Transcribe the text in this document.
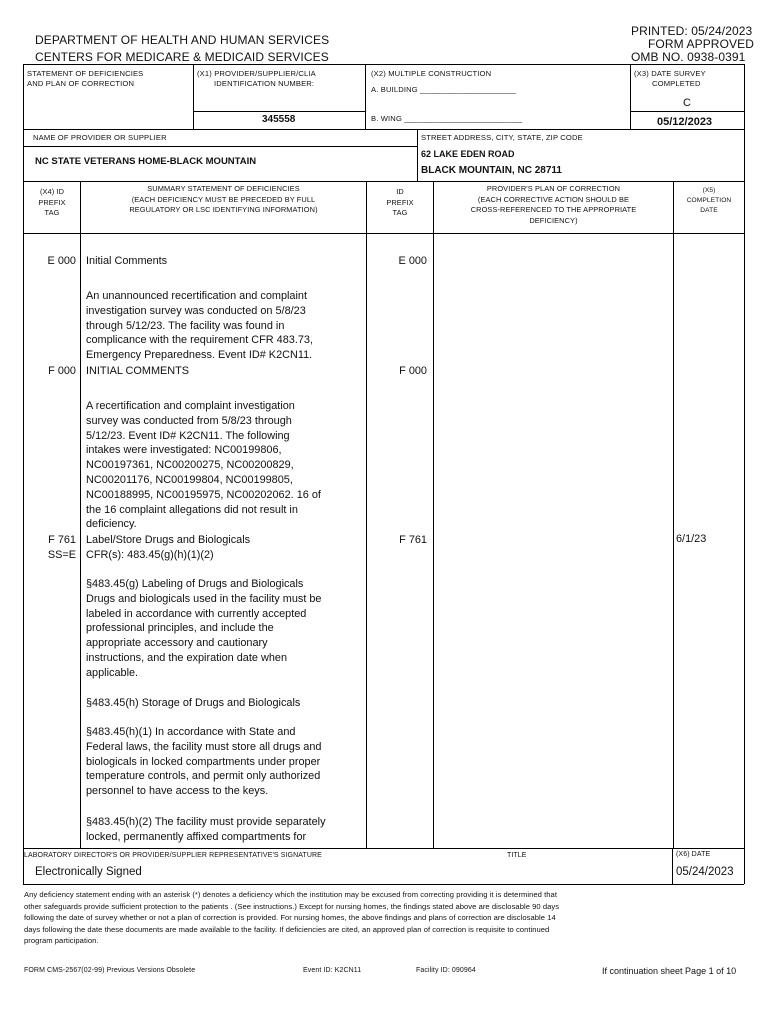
PRINTED: 05/24/2023
FORM APPROVED
OMB NO. 0938-0391
DEPARTMENT OF HEALTH AND HUMAN SERVICES
CENTERS FOR MEDICARE & MEDICAID SERVICES
STATEMENT OF DEFICIENCIES
AND PLAN OF CORRECTION
(X1) PROVIDER/SUPPLIER/CLIA
IDENTIFICATION NUMBER:
345558
(X2) MULTIPLE CONSTRUCTION
A. BUILDING ______________________
B. WING ___________________________
(X3) DATE SURVEY
COMPLETED
C
05/12/2023
NAME OF PROVIDER OR SUPPLIER
NC STATE VETERANS HOME-BLACK MOUNTAIN
STREET ADDRESS, CITY, STATE, ZIP CODE
62 LAKE EDEN ROAD
BLACK MOUNTAIN, NC 28711
(X4) ID
PREFIX
TAG
SUMMARY STATEMENT OF DEFICIENCIES
(EACH DEFICIENCY MUST BE PRECEDED BY FULL
REGULATORY OR LSC IDENTIFYING INFORMATION)
ID
PREFIX
TAG
PROVIDER'S PLAN OF CORRECTION
(EACH CORRECTIVE ACTION SHOULD BE
CROSS-REFERENCED TO THE APPROPRIATE
DEFICIENCY)
(X5)
COMPLETION
DATE
E 000	E 000
Initial Comments

An unannounced recertification and complaint
investigation survey was conducted on 5/8/23
through 5/12/23. The facility was found in
complicance with the requirement CFR 483.73,
Emergency Preparedness. Event ID# K2CN11.
F 000	F 000
INITIAL COMMENTS
A recertification and complaint investigation
survey was conducted from 5/8/23 through
5/12/23. Event ID# K2CN11. The following
intakes were investigated: NC00199806,
NC00197361, NC00200275, NC00200829,
NC00201176, NC00199804, NC00199805,
NC00188995, NC00195975, NC00202062. 16 of
the 16 complaint allegations did not result in
deficiency.
F 761
SS=E
F 761	6/1/23
Label/Store Drugs and Biologicals
CFR(s): 483.45(g)(h)(1)(2)
§483.45(g) Labeling of Drugs and Biologicals
Drugs and biologicals used in the facility must be
labeled in accordance with currently accepted
professional principles, and include the
appropriate accessory and cautionary
instructions, and the expiration date when
applicable.
§483.45(h) Storage of Drugs and Biologicals
§483.45(h)(1) In accordance with State and
Federal laws, the facility must store all drugs and
biologicals in locked compartments under proper
temperature controls, and permit only authorized
personnel to have access to the keys.
§483.45(h)(2) The facility must provide separately
locked, permanently affixed compartments for
LABORATORY DIRECTOR'S OR PROVIDER/SUPPLIER REPRESENTATIVE'S SIGNATURE
Electronically Signed
TITLE	(X6) DATE
05/24/2023
Any deficiency statement ending with an asterisk (*) denotes a deficiency which the institution may be excused from correcting providing it is determined that
other safeguards provide sufficient protection to the patients . (See instructions.) Except for nursing homes, the findings stated above are disclosable 90 days
following the date of survey whether or not a plan of correction is provided. For nursing homes, the above findings and plans of correction are disclosable 14
days following the date these documents are made available to the facility. If deficiencies are cited, an approved plan of correction is requisite to continued
program participation.
FORM CMS-2567(02-99) Previous Versions Obsolete	Event ID: K2CN11	Facility ID: 090964	If continuation sheet Page 1 of 10
